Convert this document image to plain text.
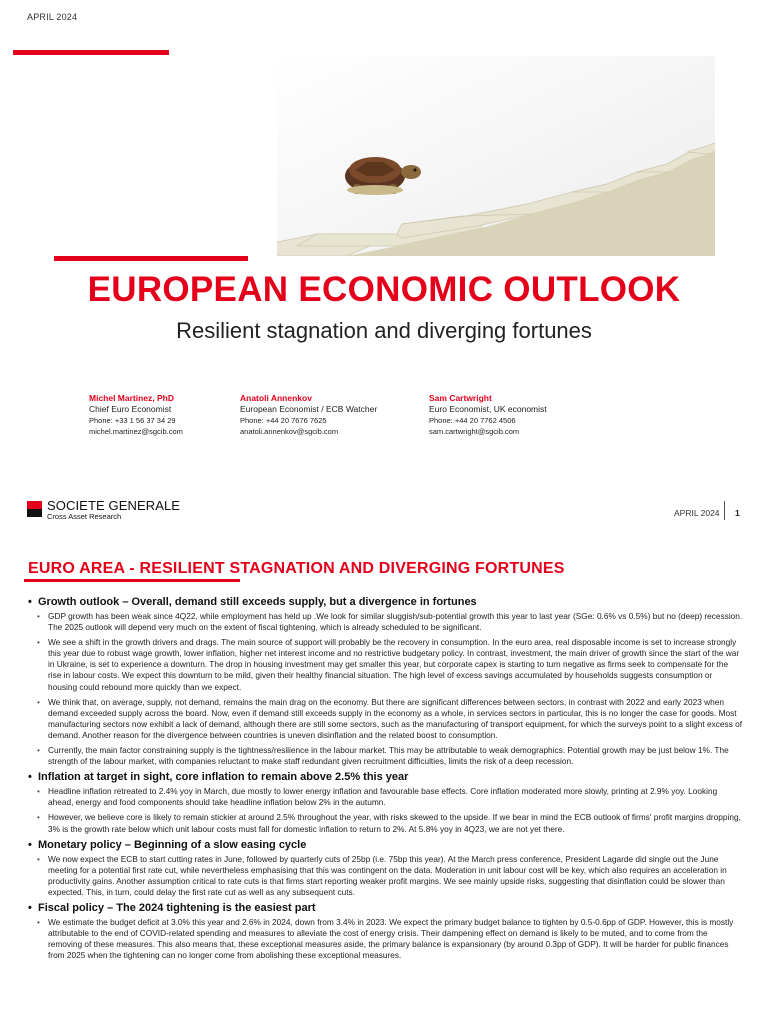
APRIL 2024
EUROPEAN ECONOMIC OUTLOOK
Resilient stagnation and diverging fortunes
Michel Martinez, PhD
Chief Euro Economist
Phone: +33 1 56 37 34 29
michel.martinez@sgcib.com
Anatoli Annenkov
European Economist / ECB Watcher
Phone: +44 20 7676 7625
anatoli.annenkov@sgcib.com
Sam Cartwright
Euro Economist, UK economist
Phone: +44 20 7762 4506
sam.cartwright@sgcib.com
SOCIETE GENERALE
Cross Asset Research	APRIL 2024 1
EURO AREA - RESILIENT STAGNATION AND DIVERGING FORTUNES
• Growth outlook – Overall, demand still exceeds supply, but a divergence in fortunes
• GDP growth has been weak since 4Q22, while employment has held up .We look for similar sluggish/sub-potential growth this year to last year (SGe: 0.6% vs 0.5%) but no (deep) recession. The 2025 outlook will depend very much on the extent of fiscal tightening, which is already scheduled to be significant.
• We see a shift in the growth drivers and drags. The main source of support will probably be the recovery in consumption. In the euro area, real disposable income is set to increase strongly this year due to robust wage growth, lower inflation, higher net interest income and no restrictive budgetary policy. In contrast, investment, the main driver of growth since the start of the war in Ukraine, is set to experience a downturn. The drop in housing investment may get smaller this year, but corporate capex is starting to turn negative as firms seek to compensate for the rise in labour costs. We expect this downturn to be mild, given their healthy financial situation. The high level of excess savings accumulated by households suggests consumption or housing could rebound more quickly than we expect.
• We think that, on average, supply, not demand, remains the main drag on the economy. But there are significant differences between sectors, in contrast with 2022 and early 2023 when demand exceeded supply across the board. Now, even if demand still exceeds supply in the economy as a whole, in services sectors in particular, this is no longer the case for goods. Most manufacturing sectors now exhibit a lack of demand, although there are still some sectors, such as the manufacturing of transport equipment, for which the surveys point to a slight excess of demand. Another reason for the divergence between countries is uneven disinflation and the related boost to consumption.
• Currently, the main factor constraining supply is the tightness/resilience in the labour market. This may be attributable to weak demographics. Potential growth may be just below 1%. The strength of the labour market, with companies reluctant to make staff redundant given recruitment difficulties, limits the risk of a deep recession.
• Inflation at target in sight, core inflation to remain above 2.5% this year
• Headline inflation retreated to 2.4% yoy in March, due mostly to lower energy inflation and favourable base effects. Core inflation moderated more slowly, printing at 2.9% yoy. Looking ahead, energy and food components should take headline inflation below 2% in the autumn.
• However, we believe core is likely to remain stickier at around 2.5% throughout the year, with risks skewed to the upside. If we bear in mind the ECB outlook of firms' profit margins dropping, 3% is the growth rate below which unit labour costs must fall for domestic inflation to return to 2%. At 5.8% yoy in 4Q23, we are not yet there.
• Monetary policy – Beginning of a slow easing cycle
• We now expect the ECB to start cutting rates in June, followed by quarterly cuts of 25bp (i.e. 75bp this year). At the March press conference, President Lagarde did single out the June meeting for a potential first rate cut, while nevertheless emphasising that this was contingent on the data. Moderation in unit labour cost will be key, which also requires an acceleration in productivity gains. Another assumption critical to rate cuts is that firms start reporting weaker profit margins. We see mainly upside risks, suggesting that disinflation could be slower than expected. This, in turn, could delay the first rate cut as well as any subsequent cuts.
• Fiscal policy – The 2024 tightening is the easiest part
• We estimate the budget deficit at 3.0% this year and 2.6% in 2024, down from 3.4% in 2023. We expect the primary budget balance to tighten by 0.5-0.6pp of GDP. However, this is mostly attributable to the end of COVID-related spending and measures to alleviate the cost of energy crisis. Their dampening effect on demand is likely to be muted, and to come from the removing of these measures. This also means that, these exceptional measures aside, the primary balance is expansionary (by around 0.3pp of GDP). It will be harder for public finances from 2025 when the tightening can no longer come from abolishing these exceptional measures.
